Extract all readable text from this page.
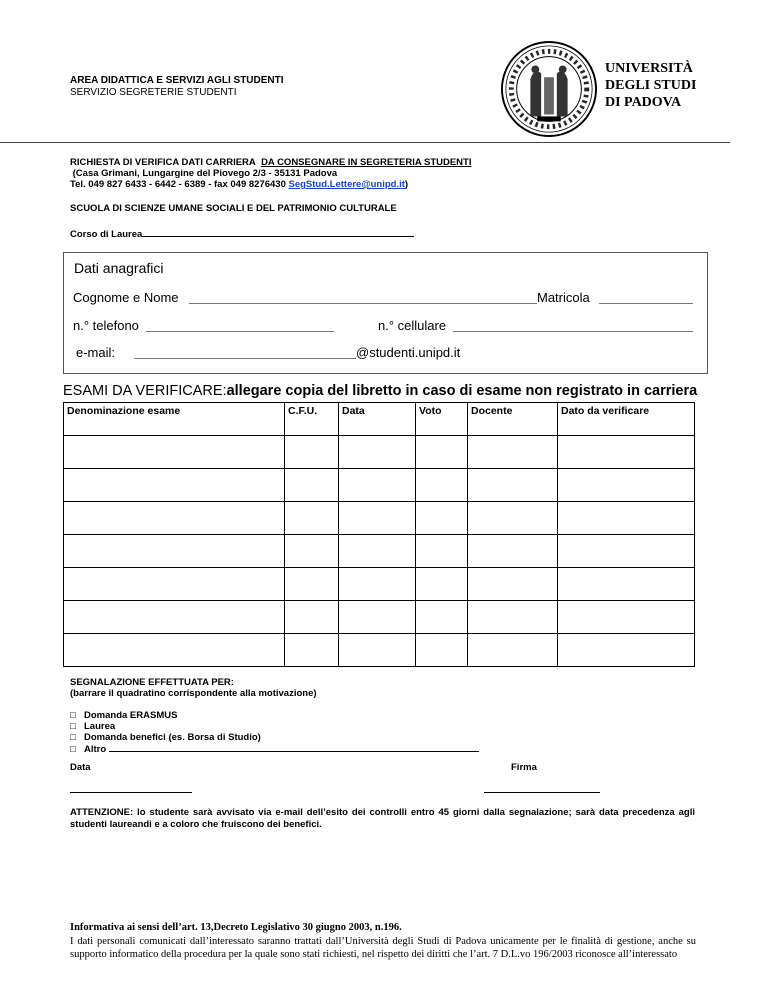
AREA DIDATTICA E SERVIZI AGLI STUDENTI
SERVIZIO SEGRETERIE STUDENTI
UNIVERSITÀ
DEGLI STUDI
DI PADOVA
RICHIESTA DI VERIFICA DATI CARRIERA DA CONSEGNARE IN SEGRETERIA STUDENTI
(Casa Grimani, Lungargine del Piovego 2/3 - 35131 Padova
Tel. 049 827 6433 - 6442 - 6389 - fax 049 8276430 SegStud.Lettere@unipd.it)
SCUOLA DI SCIENZE UMANE SOCIALI E DEL PATRIMONIO CULTURALE
Corso di Laurea
Dati anagrafici
Cognome e Nome	Matricola
n.° telefono	n.° cellulare
e-mail:	@studenti.unipd.it
ESAMI DA VERIFICARE:allegare copia del libretto in caso di esame non registrato in carriera
Denominazione esame	C.F.U.	Data	Voto	Docente	Dato da verificare

SEGNALAZIONE EFFETTUATA PER:
(barrare il quadratino corrispondente alla motivazione)
□ Domanda ERASMUS
□ Laurea
□ Domanda benefici (es. Borsa di Studio)
□ Altro
Data	Firma
ATTENZIONE: lo studente sarà avvisato via e-mail dell’esito dei controlli entro 45 giorni dalla segnalazione; sarà data precedenza agli studenti laureandi e a coloro che fruiscono dei benefici.
Informativa ai sensi dell’art. 13,Decreto Legislativo 30 giugno 2003, n.196.
I dati personali comunicati dall’interessato saranno trattati dall’Università degli Studi di Padova unicamente per le finalità di gestione, anche su supporto informatico della procedura per la quale sono stati richiesti, nel rispetto dei diritti che l’art. 7 D.L.vo 196/2003 riconosce all’interessato
